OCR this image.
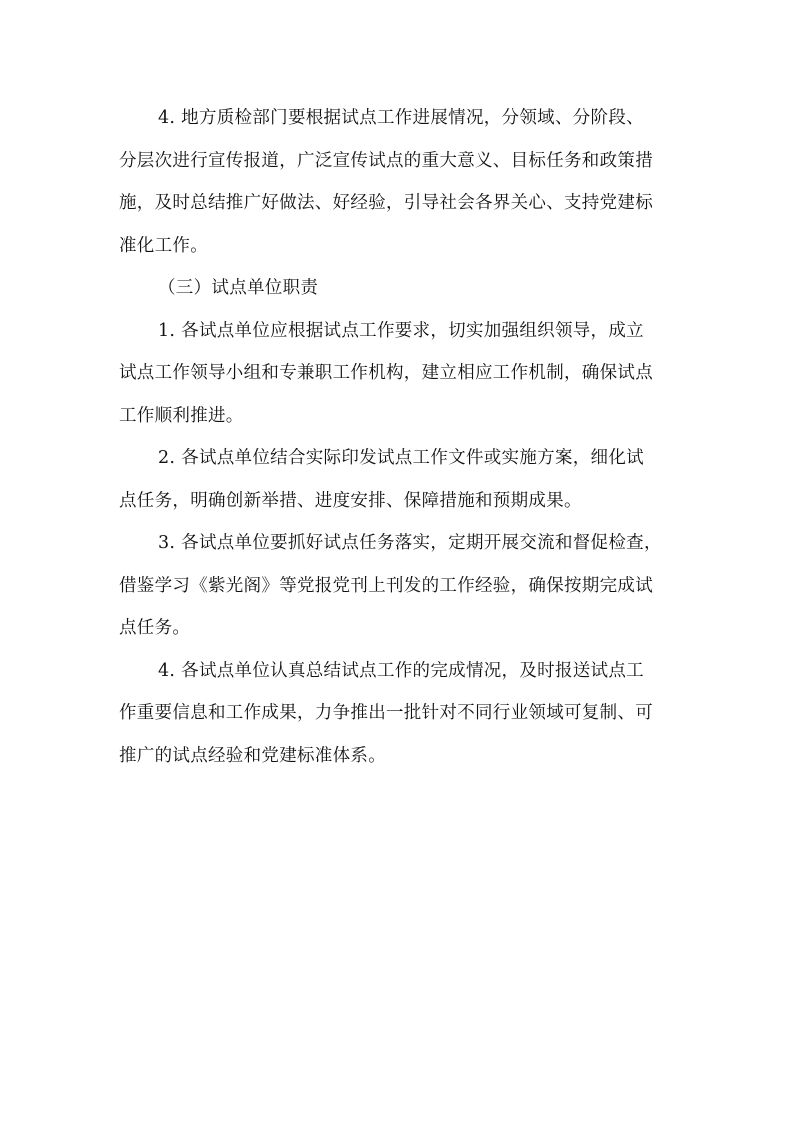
4. 地方质检部门要根据试点工作进展情况，分领域、分阶段、
分层次进行宣传报道，广泛宣传试点的重大意义、目标任务和政策措
施，及时总结推广好做法、好经验，引导社会各界关心、支持党建标
准化工作。

（三）试点单位职责

1. 各试点单位应根据试点工作要求，切实加强组织领导，成立
试点工作领导小组和专兼职工作机构，建立相应工作机制，确保试点
工作顺利推进。

2. 各试点单位结合实际印发试点工作文件或实施方案，细化试
点任务，明确创新举措、进度安排、保障措施和预期成果。

3. 各试点单位要抓好试点任务落实，定期开展交流和督促检查，
借鉴学习《紫光阁》等党报党刊上刊发的工作经验，确保按期完成试
点任务。

4. 各试点单位认真总结试点工作的完成情况，及时报送试点工
作重要信息和工作成果，力争推出一批针对不同行业领域可复制、可
推广的试点经验和党建标准体系。
